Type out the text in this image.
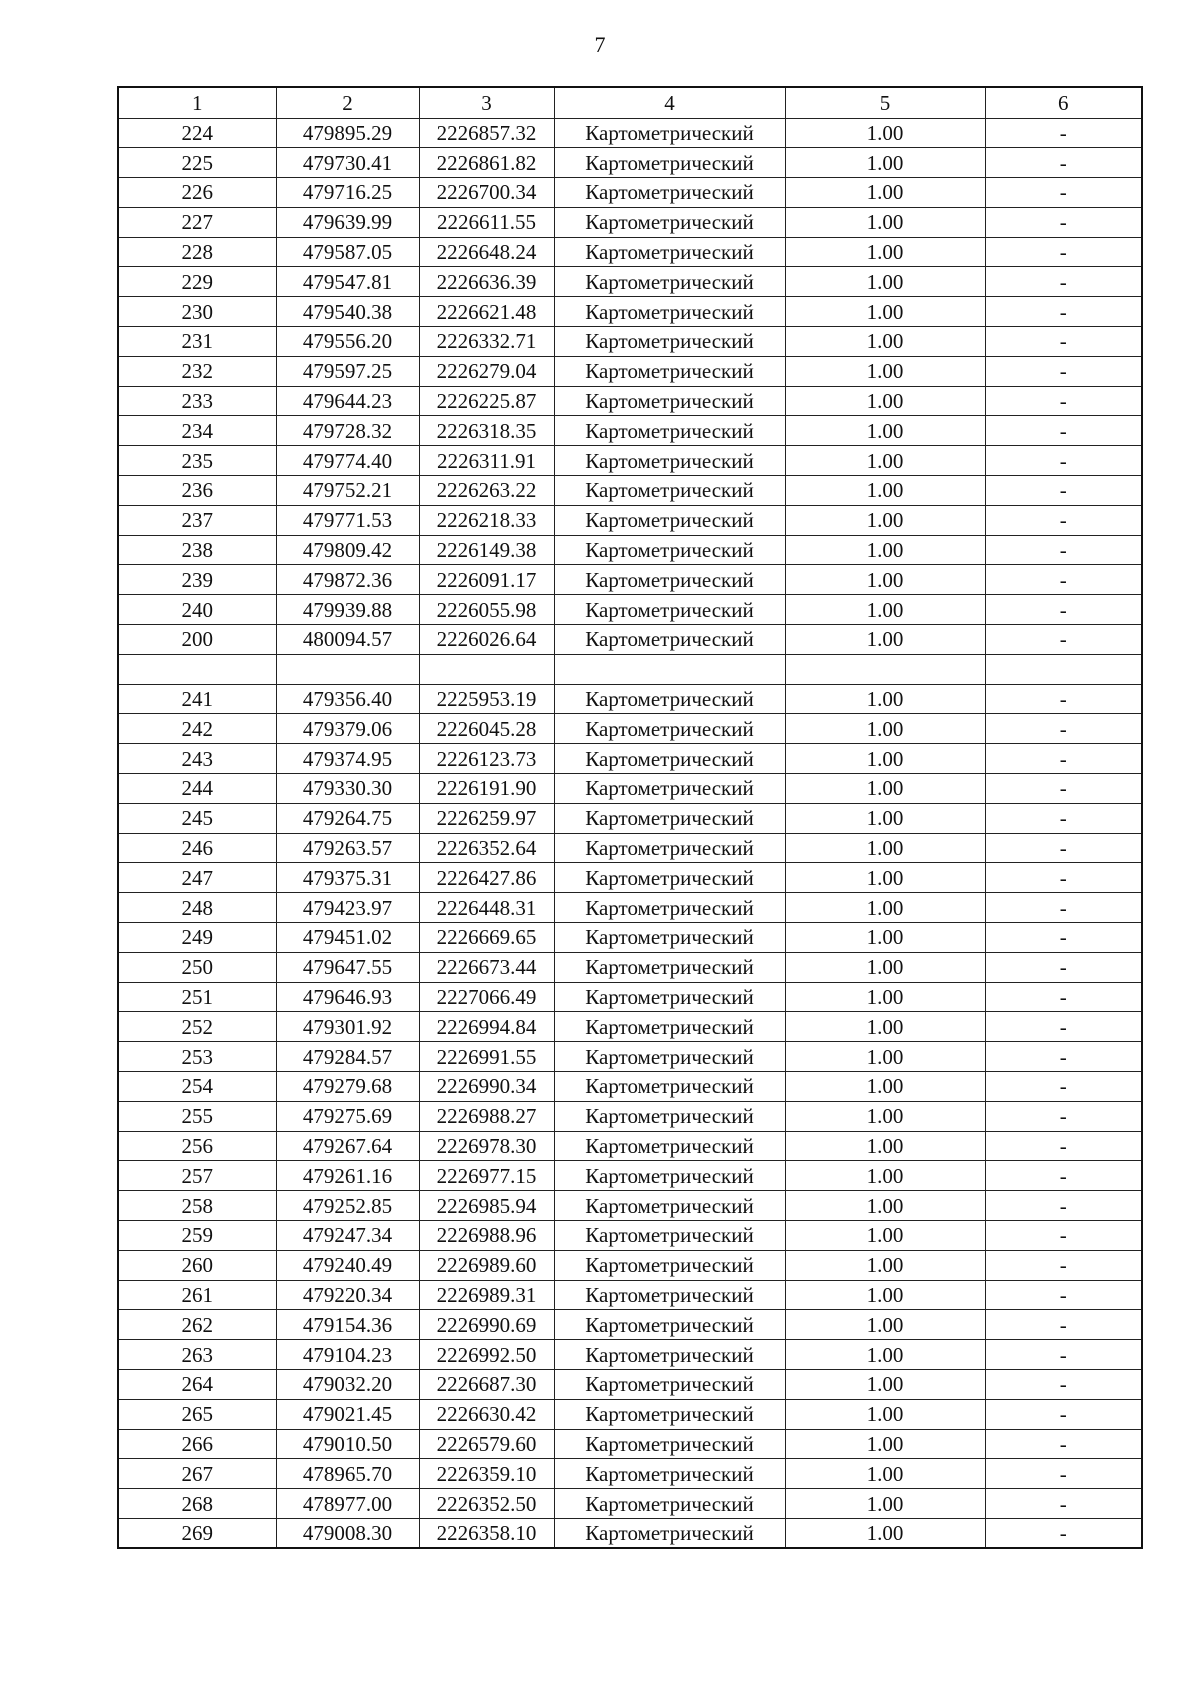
7
1	2	3	4	5	6
224	479895.29	2226857.32	Картометрический	1.00	-
225	479730.41	2226861.82	Картометрический	1.00	-
226	479716.25	2226700.34	Картометрический	1.00	-
227	479639.99	2226611.55	Картометрический	1.00	-
228	479587.05	2226648.24	Картометрический	1.00	-
229	479547.81	2226636.39	Картометрический	1.00	-
230	479540.38	2226621.48	Картометрический	1.00	-
231	479556.20	2226332.71	Картометрический	1.00	-
232	479597.25	2226279.04	Картометрический	1.00	-
233	479644.23	2226225.87	Картометрический	1.00	-
234	479728.32	2226318.35	Картометрический	1.00	-
235	479774.40	2226311.91	Картометрический	1.00	-
236	479752.21	2226263.22	Картометрический	1.00	-
237	479771.53	2226218.33	Картометрический	1.00	-
238	479809.42	2226149.38	Картометрический	1.00	-
239	479872.36	2226091.17	Картометрический	1.00	-
240	479939.88	2226055.98	Картометрический	1.00	-
200	480094.57	2226026.64	Картометрический	1.00	-

241	479356.40	2225953.19	Картометрический	1.00	-
242	479379.06	2226045.28	Картометрический	1.00	-
243	479374.95	2226123.73	Картометрический	1.00	-
244	479330.30	2226191.90	Картометрический	1.00	-
245	479264.75	2226259.97	Картометрический	1.00	-
246	479263.57	2226352.64	Картометрический	1.00	-
247	479375.31	2226427.86	Картометрический	1.00	-
248	479423.97	2226448.31	Картометрический	1.00	-
249	479451.02	2226669.65	Картометрический	1.00	-
250	479647.55	2226673.44	Картометрический	1.00	-
251	479646.93	2227066.49	Картометрический	1.00	-
252	479301.92	2226994.84	Картометрический	1.00	-
253	479284.57	2226991.55	Картометрический	1.00	-
254	479279.68	2226990.34	Картометрический	1.00	-
255	479275.69	2226988.27	Картометрический	1.00	-
256	479267.64	2226978.30	Картометрический	1.00	-
257	479261.16	2226977.15	Картометрический	1.00	-
258	479252.85	2226985.94	Картометрический	1.00	-
259	479247.34	2226988.96	Картометрический	1.00	-
260	479240.49	2226989.60	Картометрический	1.00	-
261	479220.34	2226989.31	Картометрический	1.00	-
262	479154.36	2226990.69	Картометрический	1.00	-
263	479104.23	2226992.50	Картометрический	1.00	-
264	479032.20	2226687.30	Картометрический	1.00	-
265	479021.45	2226630.42	Картометрический	1.00	-
266	479010.50	2226579.60	Картометрический	1.00	-
267	478965.70	2226359.10	Картометрический	1.00	-
268	478977.00	2226352.50	Картометрический	1.00	-
269	479008.30	2226358.10	Картометрический	1.00	-
